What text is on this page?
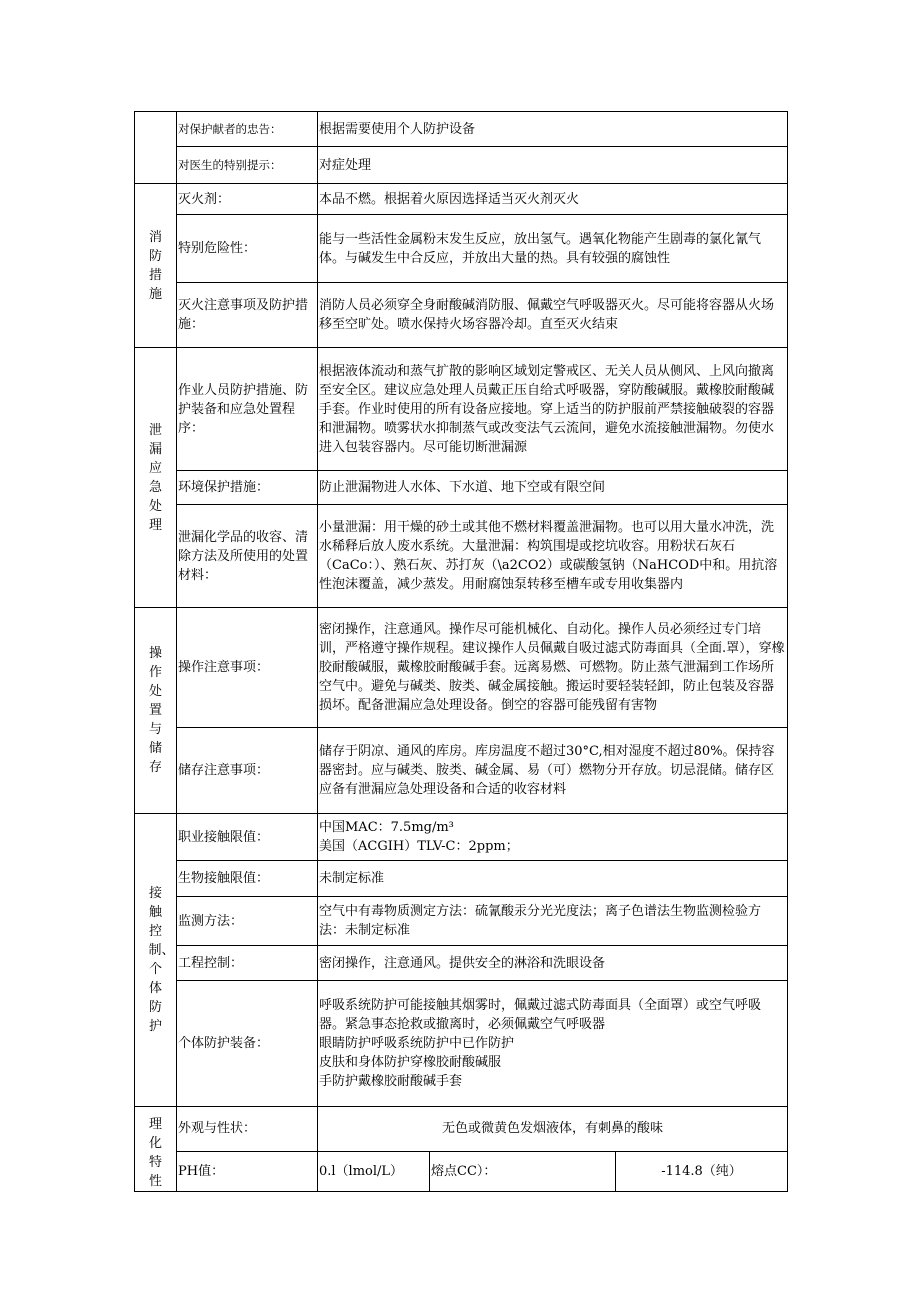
	对保护献者的忠告：	根据需要使用个人防护设备		
	对医生的特别提示：	对症处理		
消防措施	灭火剂：	本品不燃。根据着火原因选择适当灭火剂灭火		
	特别危险性：	能与一些活性金属粉末发生反应，放出氢气。遇氧化物能产生剧毒的氯化氰气体。与碱发生中合反应，并放出大量的热。具有较强的腐蚀性		
	灭火注意事项及防护措施：	消防人员必须穿全身耐酸碱消防服、佩戴空气呼吸器灭火。尽可能将容器从火场移至空旷处。喷水保持火场容器冷却。直至灭火结束		
泄漏应急处理	作业人员防护措施、防护装备和应急处置程序：	根据液体流动和蒸气扩散的影响区域划定警戒区、无关人员从侧风、上风向撤离至安全区。建议应急处理人员戴正压自给式呼吸器，穿防酸碱服。戴橡胶耐酸碱手套。作业时使用的所有设备应接地。穿上适当的防护服前严禁接触破裂的容器和泄漏物。喷雾状水抑制蒸气或改变法气云流间，避免水流接触泄漏物。勿使水进入包装容器内。尽可能切断泄漏源		
	环境保护措施：	防止泄漏物进人水体、下水道、地下空或有限空间		
	泄漏化学品的收容、清除方法及所使用的处置材料：	小量泄漏：用干燥的砂土或其他不燃材料覆盖泄漏物。也可以用大量水冲洗，洗水稀释后放人废水系统。大量泄漏：构筑围堤或挖坑收容。用粉状石灰石（CaCo：）、熟石灰、苏打灰（\a2CO2）或碳酸氢钠（NaHCOD中和。用抗溶性泡沫覆盖，减少蒸发。用耐腐蚀泵转移至槽车或专用收集器内		
操作处置与储存	操作注意事项：	密闭操作，注意通风。操作尽可能机械化、自动化。操作人员必须经过专门培训，严格遵守操作规程。建议操作人员佩戴自吸过滤式防毒面具（全面.罩），穿橡胶耐酸碱服，戴橡胶耐酸碱手套。远离易燃、可燃物。防止蒸气泄漏到工作场所空气中。避免与碱类、胺类、碱金属接触。搬运时要轻装轻卸，防止包装及容器损坏。配备泄漏应急处理设备。倒空的容器可能残留有害物		
	储存注意事项：	储存于阴凉、通风的库房。库房温度不超过30°C,相对湿度不超过80%。保持容器密封。应与碱类、胺类、碱金属、易（可）燃物分开存放。切忌混储。储存区应备有泄漏应急处理设备和合适的收容材料		
接触控制、个体防护	职业接触限值：	中国MAC：7.5mg∕m³
美国（ACGIH）TLV-C：2ppm；		

	生物接触限值：	未制定标准		
	监测方法：	空气中有毒物质测定方法：硫氰酸汞分光光度法；离子色谱法生物监测检验方法：未制定标准		
	工程控制：	密闭操作，注意通风。提供安全的淋浴和洗眼设备		
	个体防护装备：	呼吸系统防护可能接触其烟雾时，佩戴过滤式防毒面具（全面罩）或空气呼吸器。紧急事态抢救或撤离时，必须佩戴空气呼吸器
眼睛防护呼吸系统防护中已作防护
皮肤和身体防护穿橡胶耐酸碱服
手防护戴橡胶耐酸碱手套		

理化特性	外观与性状：	无色或微黄色发烟液体，有刺鼻的酸味		
	PH值：	0.l（lmol∕L）	熔点CC）：	-114.8（纯）
